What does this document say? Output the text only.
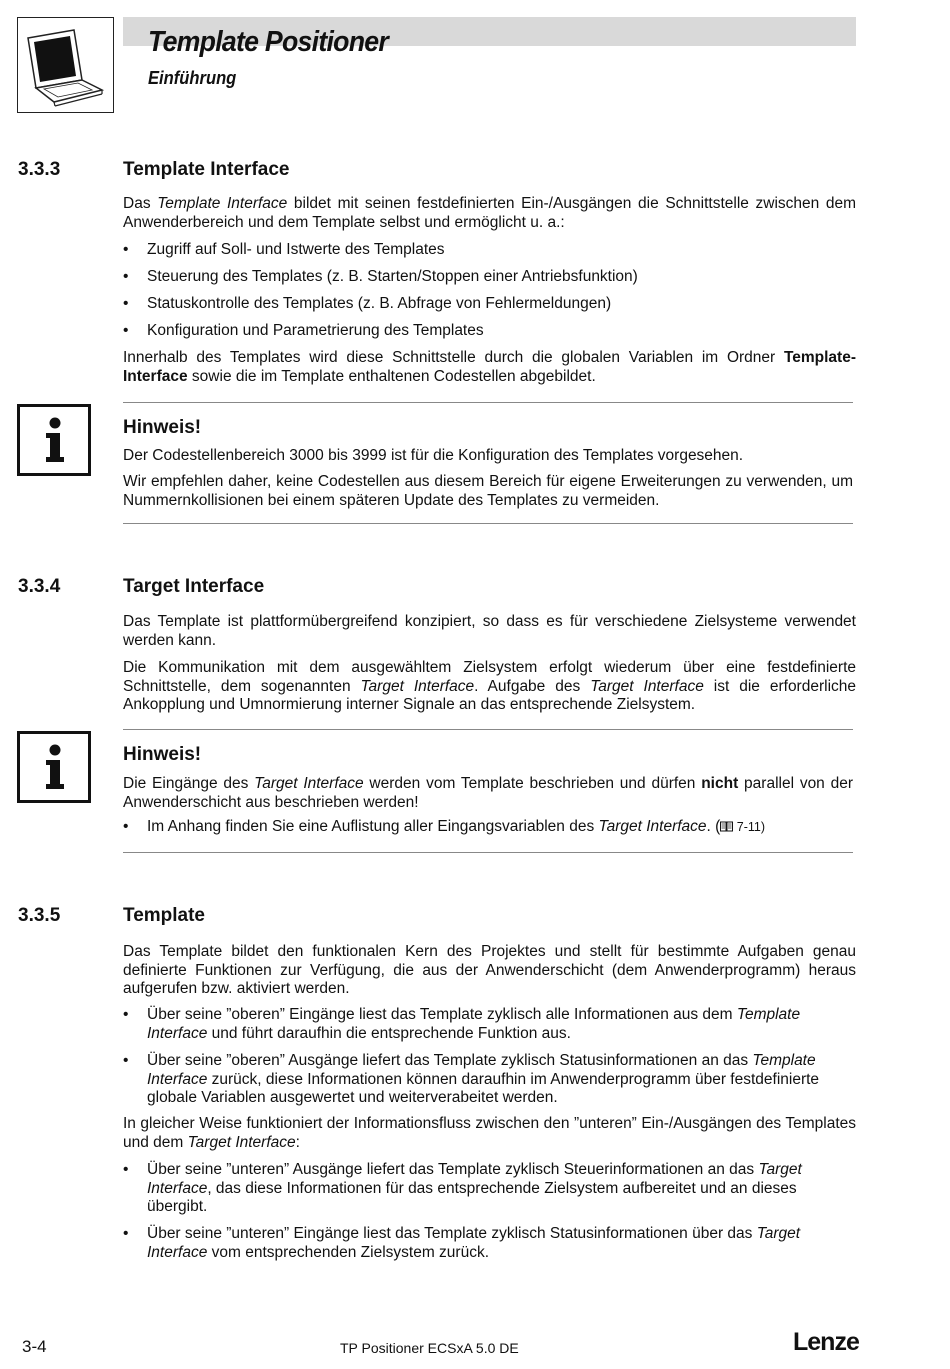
Template Positioner
Einführung
3.3.3	Template Interface

Das Template Interface bildet mit seinen festdefinierten Ein-/Ausgängen die Schnittstelle zwischen dem Anwenderbereich und dem Template selbst und ermöglicht u. a.:

• Zugriff auf Soll- und Istwerte des Templates
• Steuerung des Templates (z. B. Starten/Stoppen einer Antriebsfunktion)
• Statuskontrolle des Templates (z. B. Abfrage von Fehlermeldungen)
• Konfiguration und Parametrierung des Templates

Innerhalb des Templates wird diese Schnittstelle durch die globalen Variablen im Ordner Template-Interface sowie die im Template enthaltenen Codestellen abgebildet.

Hinweis!

Der Codestellenbereich 3000 bis 3999 ist für die Konfiguration des Templates vorgesehen.

Wir empfehlen daher, keine Codestellen aus diesem Bereich für eigene Erweiterungen zu verwenden, um Nummernkollisionen bei einem späteren Update des Templates zu vermeiden.

3.3.4	Target Interface

Das Template ist plattformübergreifend konzipiert, so dass es für verschiedene Zielsysteme verwendet werden kann.

Die Kommunikation mit dem ausgewähltem Zielsystem erfolgt wiederum über eine festdefinierte Schnittstelle, dem sogenannten Target Interface. Aufgabe des Target Interface ist die erforderliche Ankopplung und Umnormierung interner Signale an das entsprechende Zielsystem.

Hinweis!

Die Eingänge des Target Interface werden vom Template beschrieben und dürfen nicht parallel von der Anwenderschicht aus beschrieben werden!

• Im Anhang finden Sie eine Auflistung aller Eingangsvariablen des Target Interface. ( 7-11)
3.3.5	Template

Das Template bildet den funktionalen Kern des Projektes und stellt für bestimmte Aufgaben genau definierte Funktionen zur Verfügung, die aus der Anwenderschicht (dem Anwenderprogramm) heraus aufgerufen bzw. aktiviert werden.

• Über seine ”oberen” Eingänge liest das Template zyklisch alle Informationen aus dem Template Interface und führt daraufhin die entsprechende Funktion aus.
• Über seine ”oberen” Ausgänge liefert das Template zyklisch Statusinformationen an das Template Interface zurück, diese Informationen können daraufhin im Anwenderprogramm über festdefinierte globale Variablen ausgewertet und weiterverabeitet werden.

In gleicher Weise funktioniert der Informationsfluss zwischen den ”unteren” Ein-/Ausgängen des Templates und dem Target Interface:

• Über seine ”unteren” Ausgänge liefert das Template zyklisch Steuerinformationen an das Target Interface, das diese Informationen für das entsprechende Zielsystem aufbereitet und an dieses übergibt.
• Über seine ”unteren” Eingänge liest das Template zyklisch Statusinformationen über das Target Interface vom entsprechenden Zielsystem zurück.
3-4	TP Positioner ECSxA 5.0 DE	Lenze
